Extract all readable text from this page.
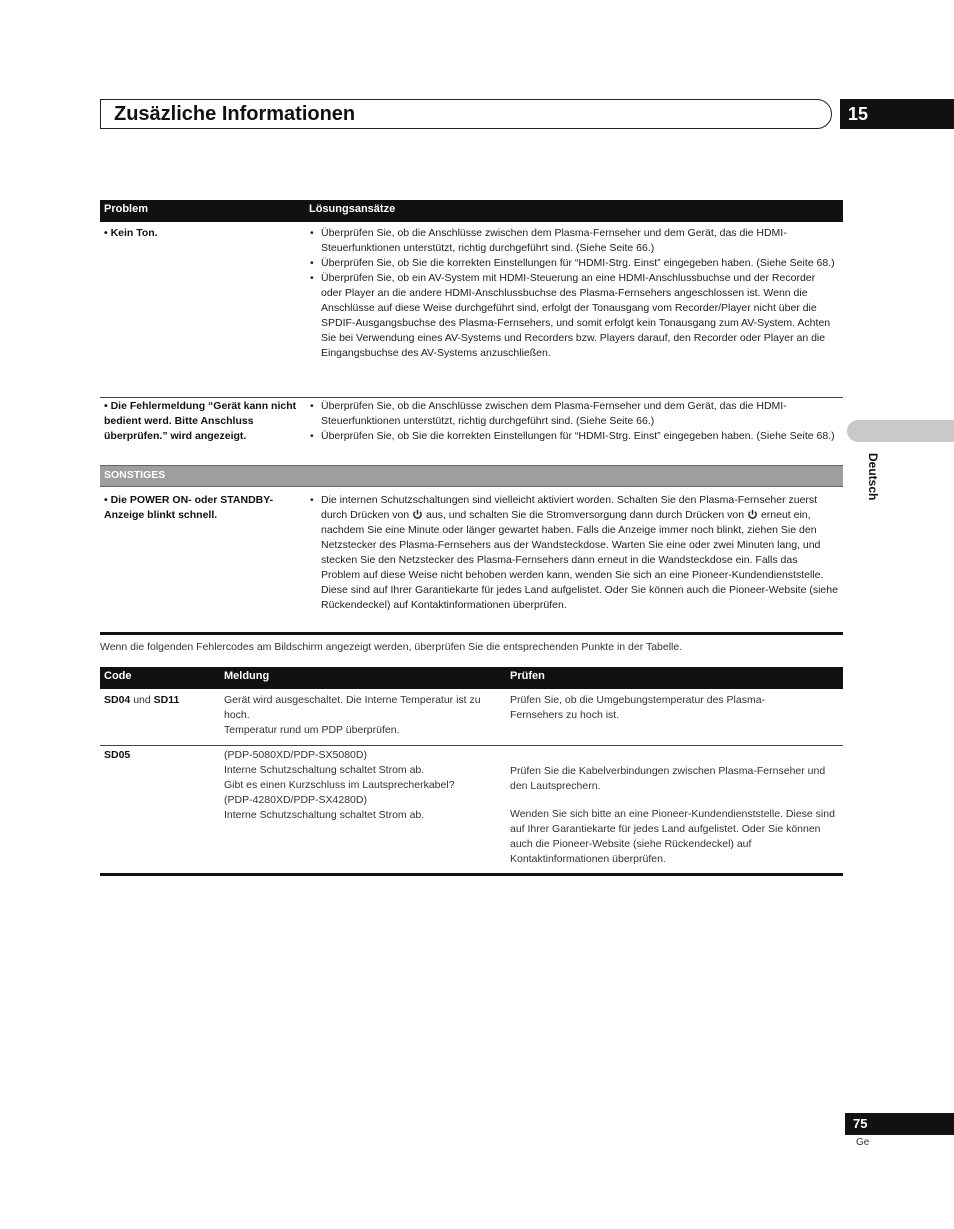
Zusäzliche Informationen	15
Deutsch
Problem	Lösungsansätze
• Kein Ton.
•	Überprüfen Sie, ob die Anschlüsse zwischen dem Plasma-Fernseher und dem Gerät, das die HDMI-Steuerfunktionen unterstützt, richtig durchgeführt sind. (Siehe Seite 66.)
• Überprüfen Sie, ob Sie die korrekten Einstellungen für “HDMI-Strg. Einst” eingegeben haben. (Siehe Seite 68.)
• Überprüfen Sie, ob ein AV-System mit HDMI-Steuerung an eine HDMI-Anschlussbuchse und der Recorder oder Player an die andere HDMI-Anschlussbuchse des Plasma-Fernsehers angeschlossen ist. Wenn die Anschlüsse auf diese Weise durchgeführt sind, erfolgt der Tonausgang vom Recorder/Player nicht über die SPDIF-Ausgangsbuchse des Plasma-Fernsehers, und somit erfolgt kein Tonausgang zum AV-System. Achten Sie bei Verwendung eines AV-Systems und Recorders bzw. Players darauf, den Recorder oder Player an die Eingangsbuchse des AV-Systems anzuschließen.
• Die Fehlermeldung “Gerät kann nicht bedient werd. Bitte Anschluss überprüfen.” wird angezeigt.
• Überprüfen Sie, ob die Anschlüsse zwischen dem Plasma-Fernseher und dem Gerät, das die HDMI-Steuerfunktionen unterstützt, richtig durchgeführt sind. (Siehe Seite 66.)
• Überprüfen Sie, ob Sie die korrekten Einstellungen für “HDMI-Strg. Einst” eingegeben haben. (Siehe Seite 68.)
SONSTIGES
• Die POWER ON- oder STANDBY-Anzeige blinkt schnell.
• Die internen Schutzschaltungen sind vielleicht aktiviert worden. Schalten Sie den Plasma-Fernseher zuerst durch Drücken von aus, und schalten Sie die Stromversorgung dann durch Drücken von erneut ein, nachdem Sie eine Minute oder länger gewartet haben. Falls die Anzeige immer noch blinkt, ziehen Sie den Netzstecker des Plasma-Fernsehers aus der Wandsteckdose. Warten Sie eine oder zwei Minuten lang, und stecken Sie den Netzstecker des Plasma-Fernsehers dann erneut in die Wandsteckdose ein. Falls das Problem auf diese Weise nicht behoben werden kann, wenden Sie sich an eine Pioneer-Kundendienststelle. Diese sind auf Ihrer Garantiekarte für jedes Land aufgelistet. Oder Sie können auch die Pioneer-Website (siehe Rückendeckel) auf Kontaktinformationen überprüfen.
Wenn die folgenden Fehlercodes am Bildschirm angezeigt werden, überprüfen Sie die entsprechenden Punkte in der Tabelle.
Code	Meldung	Prüfen
SD04 und SD11	Gerät wird ausgeschaltet. Die Interne Temperatur ist zu hoch.
Temperatur rund um PDP überprüfen.
Prüfen Sie, ob die Umgebungstemperatur des Plasma-Fernsehers zu hoch ist.
SD05	(PDP-5080XD/PDP-SX5080D)
Interne Schutzschaltung schaltet Strom ab.
Gibt es einen Kurzschluss im Lautsprecherkabel?
(PDP-4280XD/PDP-SX4280D)
Interne Schutzschaltung schaltet Strom ab.
Prüfen Sie die Kabelverbindungen zwischen Plasma-Fernseher und den Lautsprechern.
Wenden Sie sich bitte an eine Pioneer-Kundendienststelle. Diese sind auf Ihrer Garantiekarte für jedes Land aufgelistet. Oder Sie können auch die Pioneer-Website (siehe Rückendeckel) auf Kontaktinformationen überprüfen.
75
Ge
